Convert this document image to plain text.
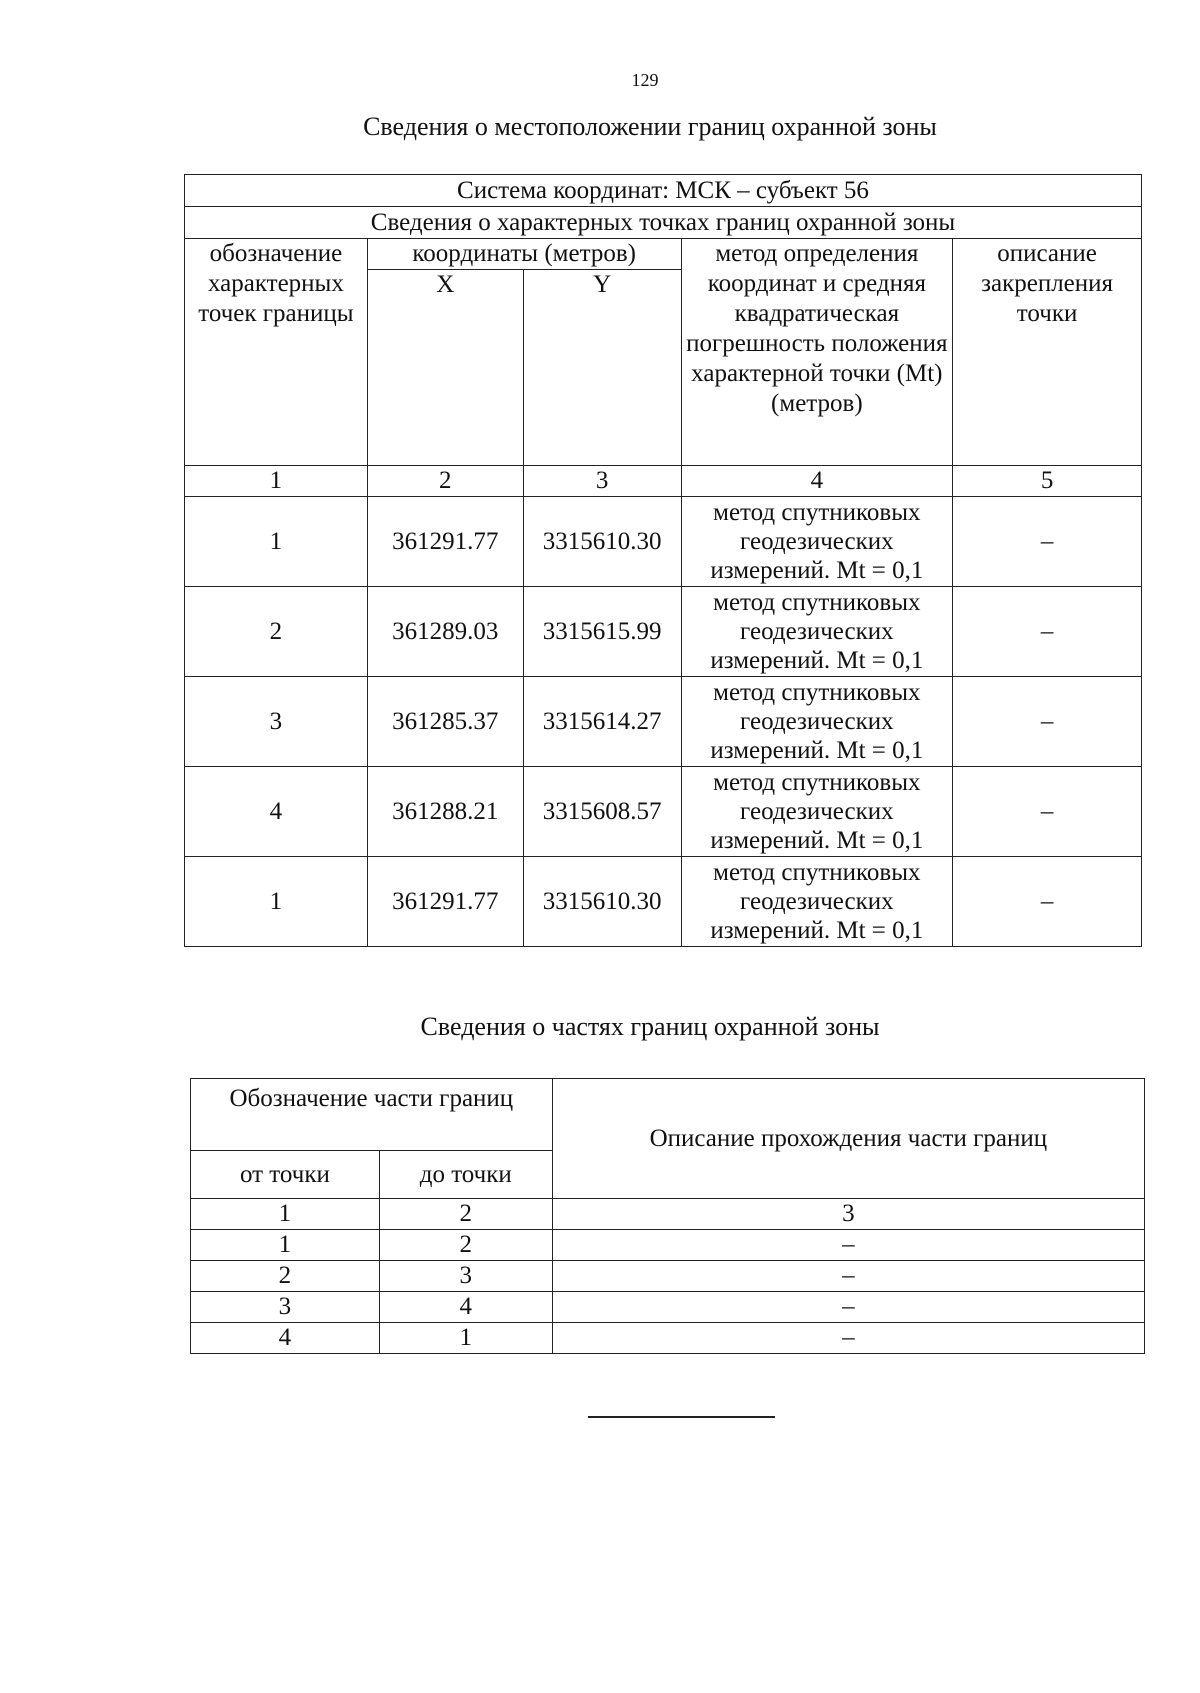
129
Сведения о местоположении границ охранной зоны
Система координат: МСК – субъект 56				
Сведения о характерных точках границ охранной зоны				
обозначение характерных точек границы	координаты (метров)		метод определения координат и средняя квадратическая погрешность положения характерной точки (Mt) (метров)	описание закрепления точки
	X	Y		
1	2	3	4	5
1	361291.77	3315610.30	метод спутниковых геодезических измерений. Mt = 0,1	–
2	361289.03	3315615.99	метод спутниковых геодезических измерений. Mt = 0,1	–
3	361285.37	3315614.27	метод спутниковых геодезических измерений. Mt = 0,1	–
4	361288.21	3315608.57	метод спутниковых геодезических измерений. Mt = 0,1	–
1	361291.77	3315610.30	метод спутниковых геодезических измерений. Mt = 0,1	–
Сведения о частях границ охранной зоны
Обозначение части границ		Описание прохождения части границ
от точки	до точки	
1	2	3
1	2	–
2	3	–
3	4	–
4	1	–
